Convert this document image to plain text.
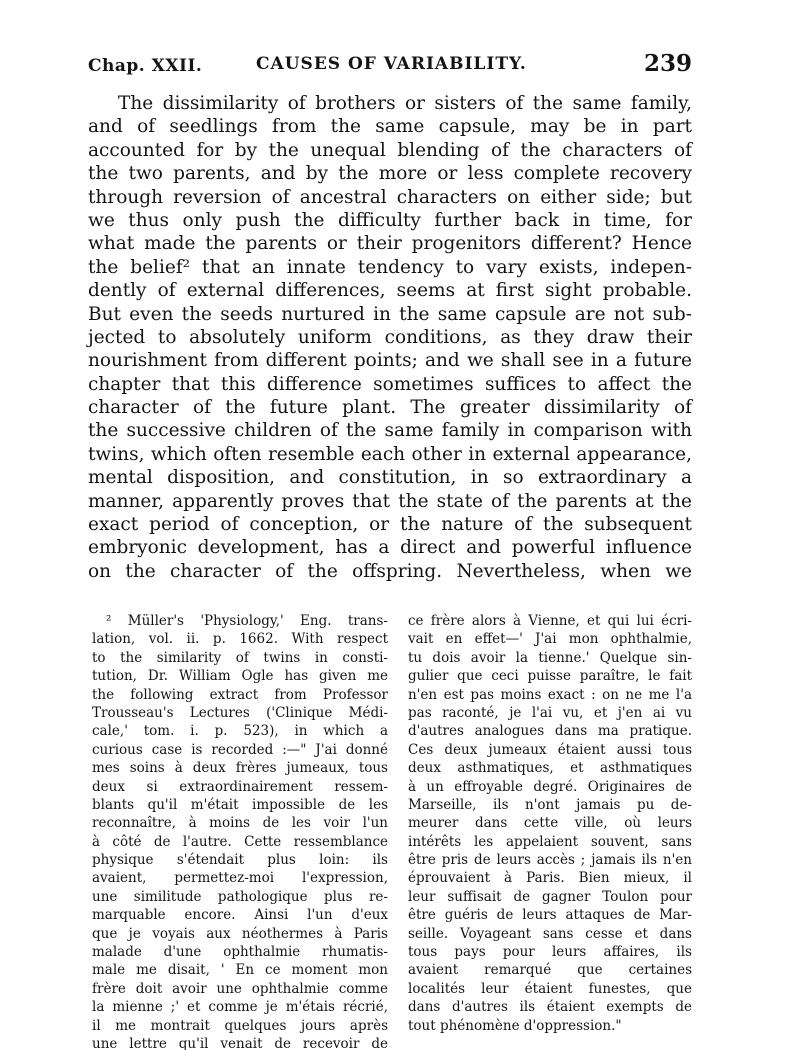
Chap. XXII.	CAUSES OF VARIABILITY.	239
The dissimilarity of brothers or sisters of the same family,
and of seedlings from the same capsule, may be in part
accounted for by the unequal blending of the characters of
the two parents, and by the more or less complete recovery
through reversion of ancestral characters on either side; but
we thus only push the difficulty further back in time, for
what made the parents or their progenitors different? Hence
the belief² that an innate tendency to vary exists, indepen-
dently of external differences, seems at first sight probable.
But even the seeds nurtured in the same capsule are not sub-
jected to absolutely uniform conditions, as they draw their
nourishment from different points; and we shall see in a future
chapter that this difference sometimes suffices to affect the
character of the future plant. The greater dissimilarity of
the successive children of the same family in comparison with
twins, which often resemble each other in external appearance,
mental disposition, and constitution, in so extraordinary a
manner, apparently proves that the state of the parents at the
exact period of conception, or the nature of the subsequent
embryonic development, has a direct and powerful influence
on the character of the offspring. Nevertheless, when we
² Müller's 'Physiology,' Eng. trans-
lation, vol. ii. p. 1662. With respect
to the similarity of twins in consti-
tution, Dr. William Ogle has given me
the following extract from Professor
Trousseau's Lectures ('Clinique Médi-
cale,' tom. i. p. 523), in which a
curious case is recorded :—" J'ai donné
mes soins à deux frères jumeaux, tous
deux si extraordinairement ressem-
blants qu'il m'était impossible de les
reconnaître, à moins de les voir l'un
à côté de l'autre. Cette ressemblance
physique s'étendait plus loin: ils
avaient, permettez-moi l'expression,
une similitude pathologique plus re-
marquable encore. Ainsi l'un d'eux
que je voyais aux néothermes à Paris
malade d'une ophthalmie rhumatis-
male me disait, ' En ce moment mon
frère doit avoir une ophthalmie comme
la mienne ;' et comme je m'étais récrié,
il me montrait quelques jours après
une lettre qu'il venait de recevoir de
ce frère alors à Vienne, et qui lui écri-
vait en effet—' J'ai mon ophthalmie,
tu dois avoir la tienne.' Quelque sin-
gulier que ceci puisse paraître, le fait
n'en est pas moins exact : on ne me l'a
pas raconté, je l'ai vu, et j'en ai vu
d'autres analogues dans ma pratique.
Ces deux jumeaux étaient aussi tous
deux asthmatiques, et asthmatiques
à un effroyable degré. Originaires de
Marseille, ils n'ont jamais pu de-
meurer dans cette ville, où leurs
intérêts les appelaient souvent, sans
être pris de leurs accès ; jamais ils n'en
éprouvaient à Paris. Bien mieux, il
leur suffisait de gagner Toulon pour
être guéris de leurs attaques de Mar-
seille. Voyageant sans cesse et dans
tous pays pour leurs affaires, ils
avaient remarqué que certaines
localités leur étaient funestes, que
dans d'autres ils étaient exempts de
tout phénomène d'oppression."
